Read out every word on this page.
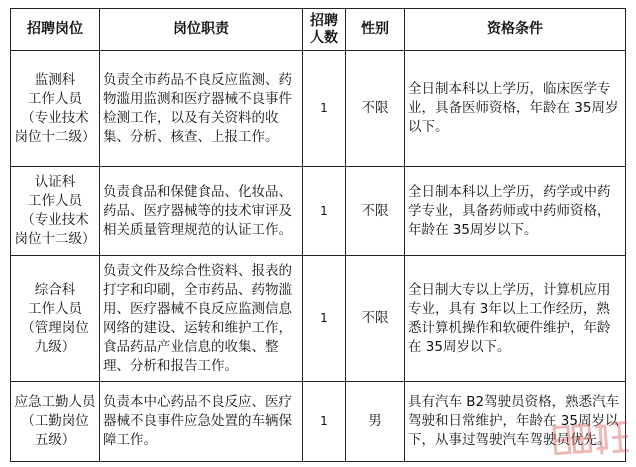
招聘岗位	岗位职责	招聘人数	性别	资格条件

监测科
工作人员
（专业技术
岗位十二级）	负责全市药品不良反应监测、药物滥用监测和医疗器械不良事件检测工作，以及有关资料的收集、分析、核查、上报工作。	1	不限	全日制本科以上学历，临床医学专业，具备医师资格，年龄在 35周岁以下。

认证科
工作人员
（专业技术
岗位十二级）	负责食品和保健食品、化妆品、药品、医疗器械等的技术审评及相关质量管理规范的认证工作。	1	不限	全日制本科以上学历，药学或中药学专业，具备药师或中药师资格，年龄在 35周岁以下。

综合科
工作人员
（管理岗位
九级）	负责文件及综合性资料、报表的打字和印刷，全市药品、药物滥用、医疗器械不良反应监测信息网络的建设、运转和维护工作，食品药品产业信息的收集、整理、分析和报告工作。	1	不限	全日制大专以上学历，计算机应用专业，具有 3年以上工作经历，熟悉计算机操作和软硬件维护，年龄在 35周岁以下。

应急工勤人员
（工勤岗位
五级）	负责本中心药品不良反应、医疗器械不良事件应急处置的车辆保障工作。	1	男	具有汽车 B2驾驶员资格，熟悉汽车驾驶和日常维护，年龄在 35周岁以下，从事过驾驶汽车驾驶员优先。
